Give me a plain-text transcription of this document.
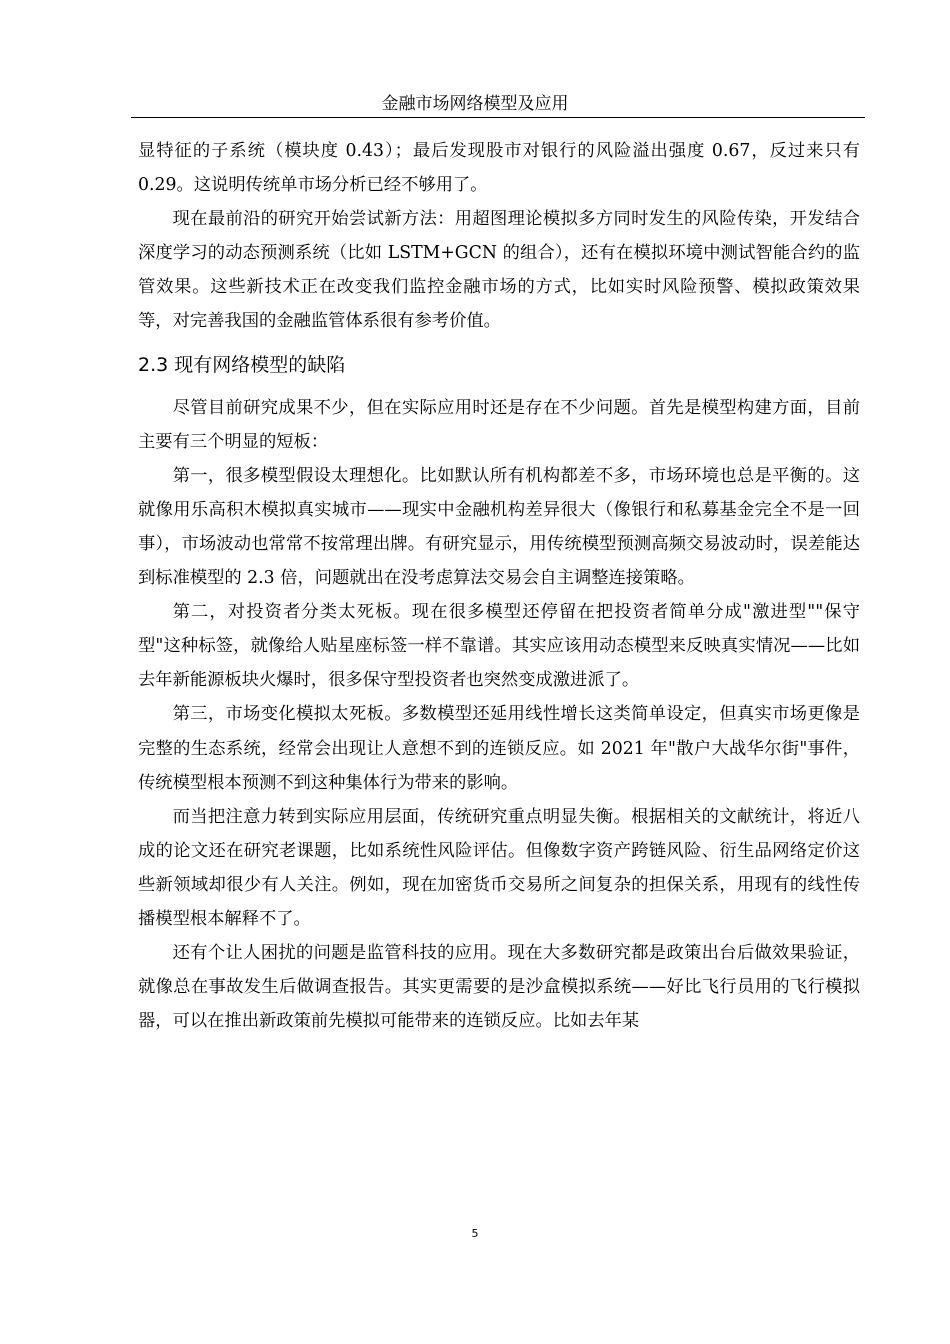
金融市场网络模型及应用

显特征的子系统（模块度 0.43）；最后发现股市对银行的风险溢出强度 0.67，反过来只有 0.29。这说明传统单市场分析已经不够用了。

现在最前沿的研究开始尝试新方法：用超图理论模拟多方同时发生的风险传染，开发结合深度学习的动态预测系统（比如 LSTM+GCN 的组合），还有在模拟环境中测试智能合约的监管效果。这些新技术正在改变我们监控金融市场的方式，比如实时风险预警、模拟政策效果等，对完善我国的金融监管体系很有参考价值。

2.3 现有网络模型的缺陷

尽管目前研究成果不少，但在实际应用时还是存在不少问题。首先是模型构建方面，目前主要有三个明显的短板：

第一，很多模型假设太理想化。比如默认所有机构都差不多，市场环境也总是平衡的。这就像用乐高积木模拟真实城市——现实中金融机构差异很大（像银行和私募基金完全不是一回事），市场波动也常常不按常理出牌。有研究显示，用传统模型预测高频交易波动时，误差能达到标准模型的 2.3 倍，问题就出在没考虑算法交易会自主调整连接策略。

第二，对投资者分类太死板。现在很多模型还停留在把投资者简单分成"激进型""保守型"这种标签，就像给人贴星座标签一样不靠谱。其实应该用动态模型来反映真实情况——比如去年新能源板块火爆时，很多保守型投资者也突然变成激进派了。

第三，市场变化模拟太死板。多数模型还延用线性增长这类简单设定，但真实市场更像是完整的生态系统，经常会出现让人意想不到的连锁反应。如 2021 年"散户大战华尔街"事件，传统模型根本预测不到这种集体行为带来的影响。

而当把注意力转到实际应用层面，传统研究重点明显失衡。根据相关的文献统计，将近八成的论文还在研究老课题，比如系统性风险评估。但像数字资产跨链风险、衍生品网络定价这些新领域却很少有人关注。例如，现在加密货币交易所之间复杂的担保关系，用现有的线性传播模型根本解释不了。

还有个让人困扰的问题是监管科技的应用。现在大多数研究都是政策出台后做效果验证，就像总在事故发生后做调查报告。其实更需要的是沙盒模拟系统——好比飞行员用的飞行模拟器，可以在推出新政策前先模拟可能带来的连锁反应。比如去年某

5
